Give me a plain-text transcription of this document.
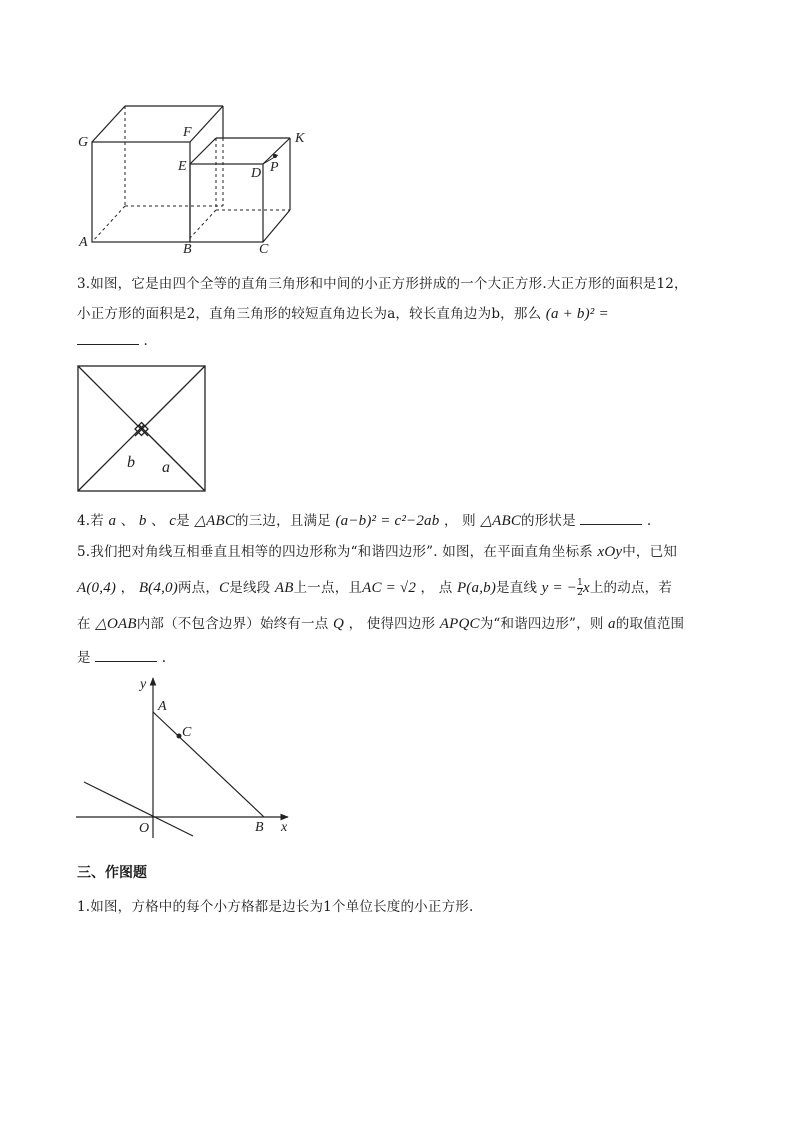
G
F
E
K
D P
A	B	C
3.如图，它是由四个全等的直角三角形和中间的小正方形拼成的一个大正方形.大正方形的面积是12，
小正方形的面积是2，直角三角形的较短直角边长为a，较长直角边为b，那么 (a + b)² =
.
b a
4.若 a 、 b 、 c是 △ABC的三边，且满足 (a−b)² = c²−2ab ， 则 △ABC的形状是	.
5.我们把对角线互相垂直且相等的四边形称为“和谐四边形”. 如图，在平面直角坐标系 xOy中，已知
A(0,4) ， B(4,0)两点，C是线段 AB上一点，且AC = √2 ， 点 P(a,b)是直线 y = − $\frac{1}{2}$ x上的动点，若
在 △OAB内部（不包含边界）始终有一点 Q ， 使得四边形 APQC为“和谐四边形”，则 a的取值范围
是	.
y
A
C
O	B x
三、作图题
1.如图，方格中的每个小方格都是边长为1个单位长度的小正方形.
